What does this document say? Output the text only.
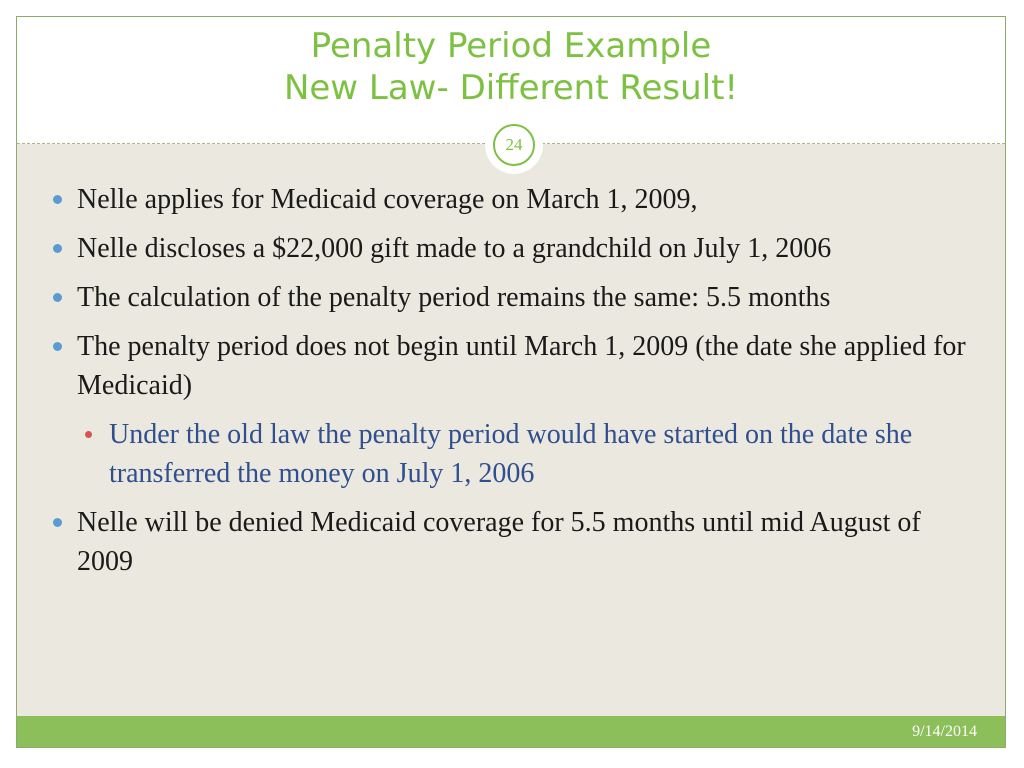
Penalty Period Example
New Law- Different Result!
24
Nelle applies for Medicaid coverage on March 1, 2009,
Nelle discloses a $22,000 gift made to a grandchild on July 1, 2006
The calculation of the penalty period remains the same: 5.5 months
The penalty period does not begin until March 1, 2009 (the date she applied for Medicaid)
Under the old law the penalty period would have started on the date she transferred the money on July 1, 2006
Nelle will be denied Medicaid coverage for 5.5 months until mid August of 2009
9/14/2014
